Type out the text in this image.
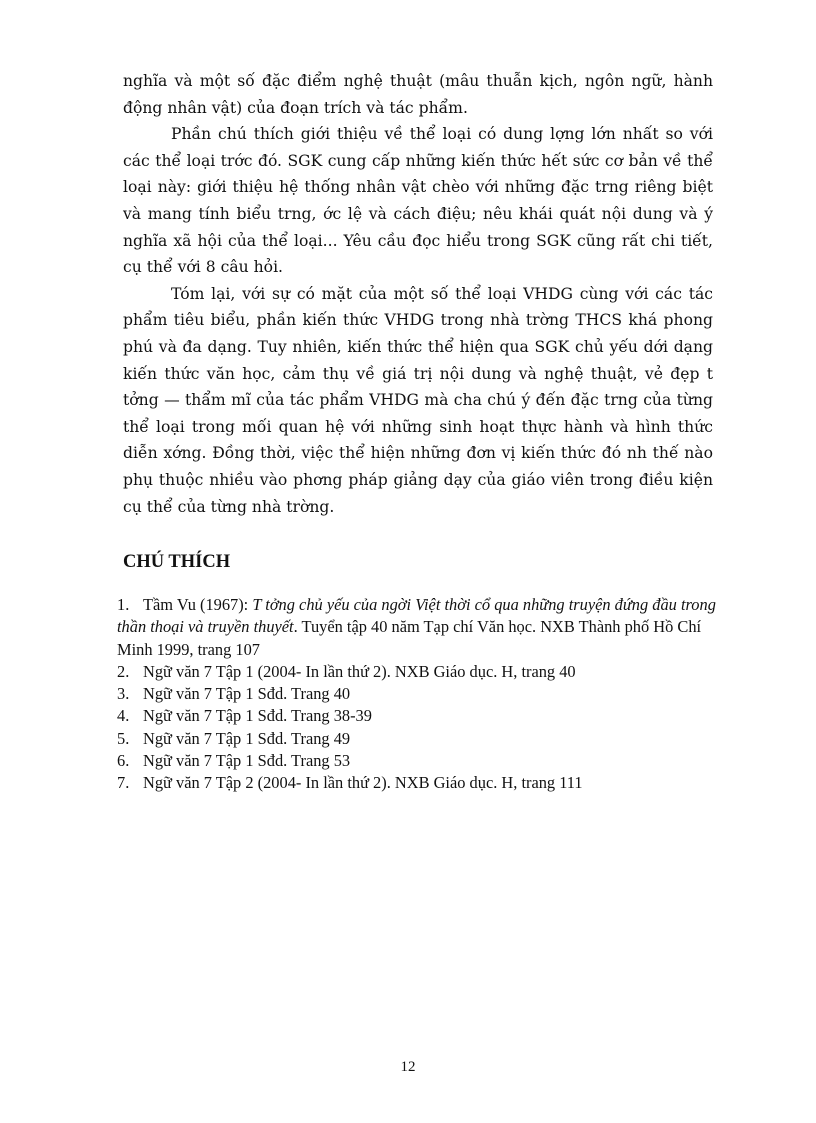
nghĩa và một số đặc điểm nghệ thuật (mâu thuẫn kịch, ngôn ngữ, hành động nhân vật) của đoạn trích và tác phẩm.

Phần chú thích giới thiệu về thể loại có dung lợng lớn nhất so với các thể loại trớc đó. SGK cung cấp những kiến thức hết sức cơ bản về thể loại này: giới thiệu hệ thống nhân vật chèo với những đặc trng riêng biệt và mang tính biểu trng, ớc lệ và cách điệu; nêu khái quát nội dung và ý nghĩa xã hội của thể loại... Yêu cầu đọc hiểu trong SGK cũng rất chi tiết, cụ thể với 8 câu hỏi.

Tóm lại, với sự có mặt của một số thể loại VHDG cùng với các tác phẩm tiêu biểu, phần kiến thức VHDG trong nhà trờng THCS khá phong phú và đa dạng. Tuy nhiên, kiến thức thể hiện qua SGK chủ yếu dới dạng kiến thức văn học, cảm thụ về giá trị nội dung và nghệ thuật, vẻ đẹp t tởng — thẩm mĩ của tác phẩm VHDG mà cha chú ý đến đặc trng của từng thể loại trong mối quan hệ với những sinh hoạt thực hành và hình thức diễn xớng. Đồng thời, việc thể hiện những đơn vị kiến thức đó nh thế nào phụ thuộc nhiều vào phơng pháp giảng dạy của giáo viên trong điều kiện cụ thể của từng nhà trờng.

CHÚ THÍCH
1. Tầm Vu (1967): T tởng chủ yếu của ngời Việt thời cổ qua những truyện đứng đầu trong thần thoại và truyền thuyết. Tuyển tập 40 năm Tạp chí Văn học. NXB Thành phố Hồ Chí Minh 1999, trang 107
2. Ngữ văn 7 Tập 1 (2004- In lần thứ 2). NXB Giáo dục. H, trang 40
3. Ngữ văn 7 Tập 1 Sđd. Trang 40
4. Ngữ văn 7 Tập 1 Sđd. Trang 38-39
5. Ngữ văn 7 Tập 1 Sđd. Trang 49
6. Ngữ văn 7 Tập 1 Sđd. Trang 53
7. Ngữ văn 7 Tập 2 (2004- In lần thứ 2). NXB Giáo dục. H, trang 111
12
